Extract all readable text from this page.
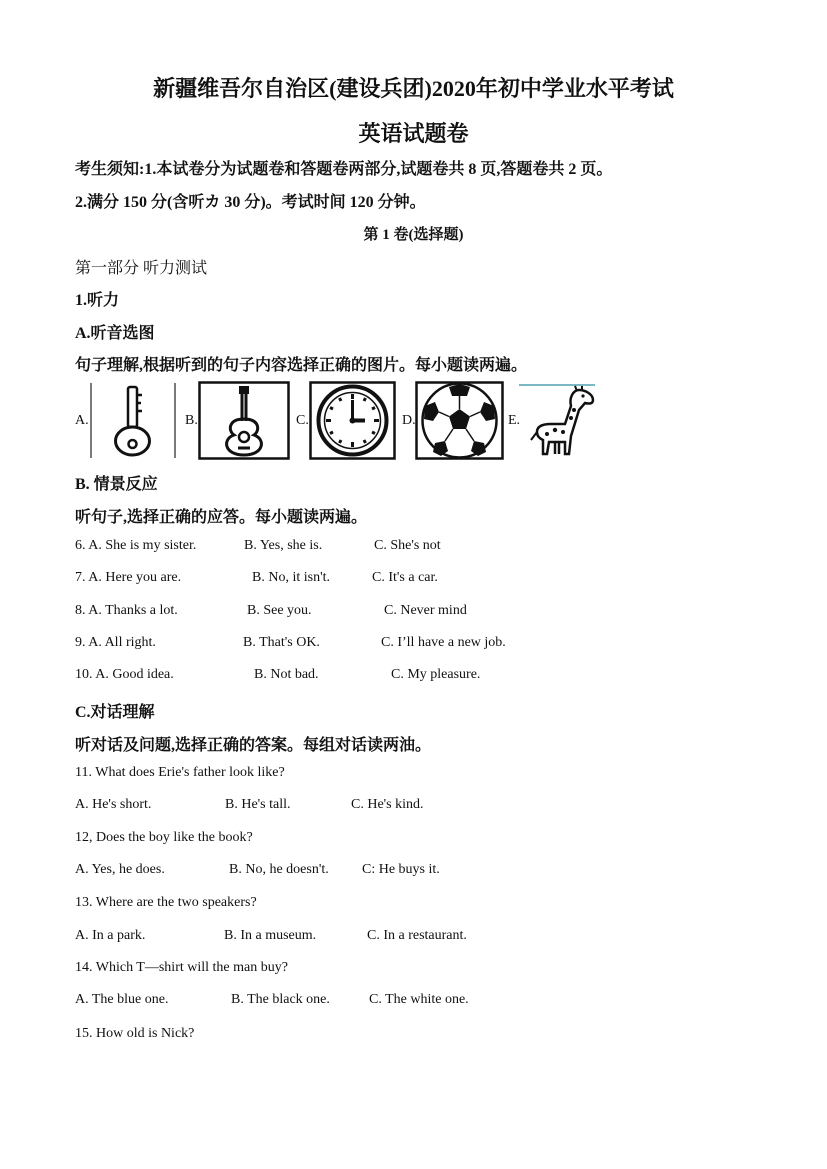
新疆维吾尔自治区(建设兵团)2020年初中学业水平考试
英语试题卷
考生须知:1.本试卷分为试题卷和答题卷两部分,试题卷共 8 页,答题卷共 2 页。
2.满分 150 分(含听カ 30 分)。考试时间 120 分钟。
第 1 卷(选择题)
第一部分 听力测试
1.听力
A.听音选图
句子理解,根据听到的句子内容选择正确的图片。每小题读两遍。
A.	B.	C.	D.	E.
B. 情景反应
听句子,选择正确的应答。每小题读两遍。
6. A. She is my sister.	B. Yes, she is.	C. She's not
7. A. Here you are.	B. No, it isn't.	C. It's a car.
8. A. Thanks a lot.	B. See you.	C. Never mind
9. A. All right.	B. That's OK.	C. I’ll have a new job.
10. A. Good idea.	B. Not bad.	C. My pleasure.
C.对话理解
听对话及问题,选择正确的答案。每组对话读两油。
11. What does Erie's father look like?
A. He's short.	B. He's tall.	C. He's kind.
12, Does the boy like the book?
A. Yes, he does.	B. No, he doesn't. C: He buys it.
13. Where are the two speakers?
A. In a park.	B. In a museum.	C. In a restaurant.
14. Which T—shirt will the man buy?
A. The blue one.	B. The black one.	C. The white one.
15. How old is Nick?
